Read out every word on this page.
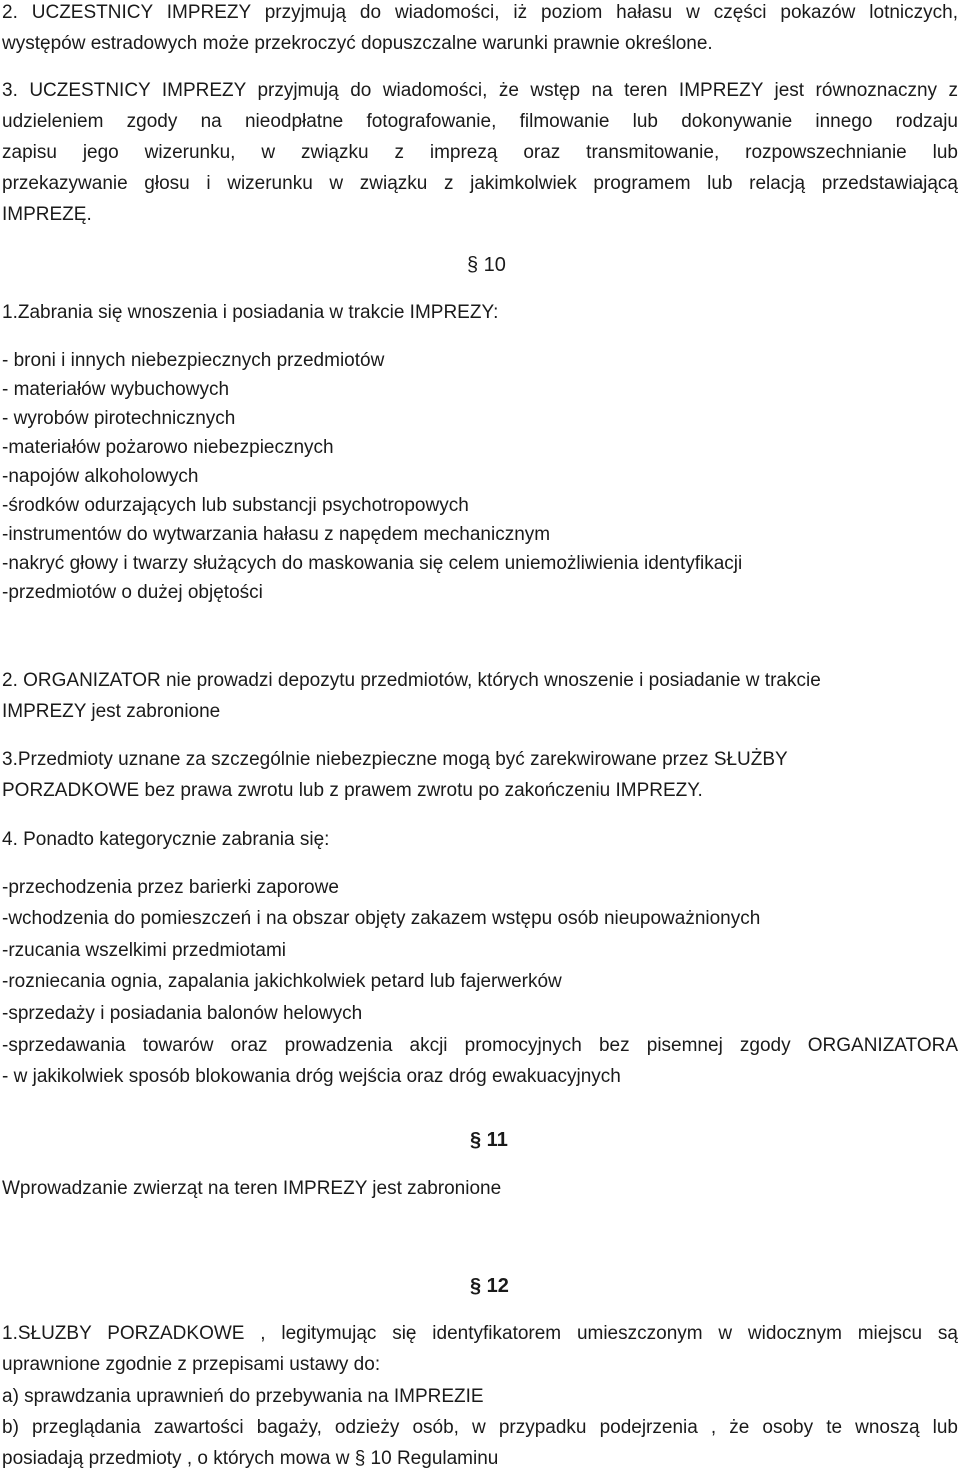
2. UCZESTNICY IMPREZY przyjmują do wiadomości, iż poziom hałasu w części pokazów lotniczych,
występów estradowych może przekroczyć dopuszczalne warunki prawnie określone.
3. UCZESTNICY IMPREZY przyjmują do wiadomości, że wstęp na teren IMPREZY jest równoznaczny z
udzieleniem zgody na nieodpłatne fotografowanie, filmowanie lub dokonywanie innego rodzaju
zapisu jego wizerunku, w związku z imprezą oraz transmitowanie, rozpowszechnianie lub
przekazywanie głosu i wizerunku w związku z jakimkolwiek programem lub relacją przedstawiającą
IMPREZĘ.
§ 10
1.Zabrania się wnoszenia i posiadania w trakcie IMPREZY:
- broni i innych niebezpiecznych przedmiotów
- materiałów wybuchowych
- wyrobów pirotechnicznych
-materiałów pożarowo niebezpiecznych
-napojów alkoholowych
-środków odurzających lub substancji psychotropowych
-instrumentów do wytwarzania hałasu z napędem mechanicznym
-nakryć głowy i twarzy służących do maskowania się celem uniemożliwienia identyfikacji
-przedmiotów o dużej objętości
2. ORGANIZATOR nie prowadzi depozytu przedmiotów, których wnoszenie i posiadanie w trakcie
IMPREZY jest zabronione
3.Przedmioty uznane za szczególnie niebezpieczne mogą być zarekwirowane przez SŁUŻBY
PORZADKOWE bez prawa zwrotu lub z prawem zwrotu po zakończeniu IMPREZY.
4. Ponadto kategorycznie zabrania się:
-przechodzenia przez barierki zaporowe
-wchodzenia do pomieszczeń i na obszar objęty zakazem wstępu osób nieupoważnionych
-rzucania wszelkimi przedmiotami
-rozniecania ognia, zapalania jakichkolwiek petard lub fajerwerków
-sprzedaży i posiadania balonów helowych
-sprzedawania towarów oraz prowadzenia akcji promocyjnych bez pisemnej zgody ORGANIZATORA
- w jakikolwiek sposób blokowania dróg wejścia oraz dróg ewakuacyjnych
§ 11
Wprowadzanie zwierząt na teren IMPREZY jest zabronione
§ 12
1.SŁUZBY PORZADKOWE , legitymując się identyfikatorem umieszczonym w widocznym miejscu są
uprawnione zgodnie z przepisami ustawy do:
a) sprawdzania uprawnień do przebywania na IMPREZIE
b) przeglądania zawartości bagaży, odzieży osób, w przypadku podejrzenia , że osoby te wnoszą lub
posiadają przedmioty , o których mowa w § 10 Regulaminu
